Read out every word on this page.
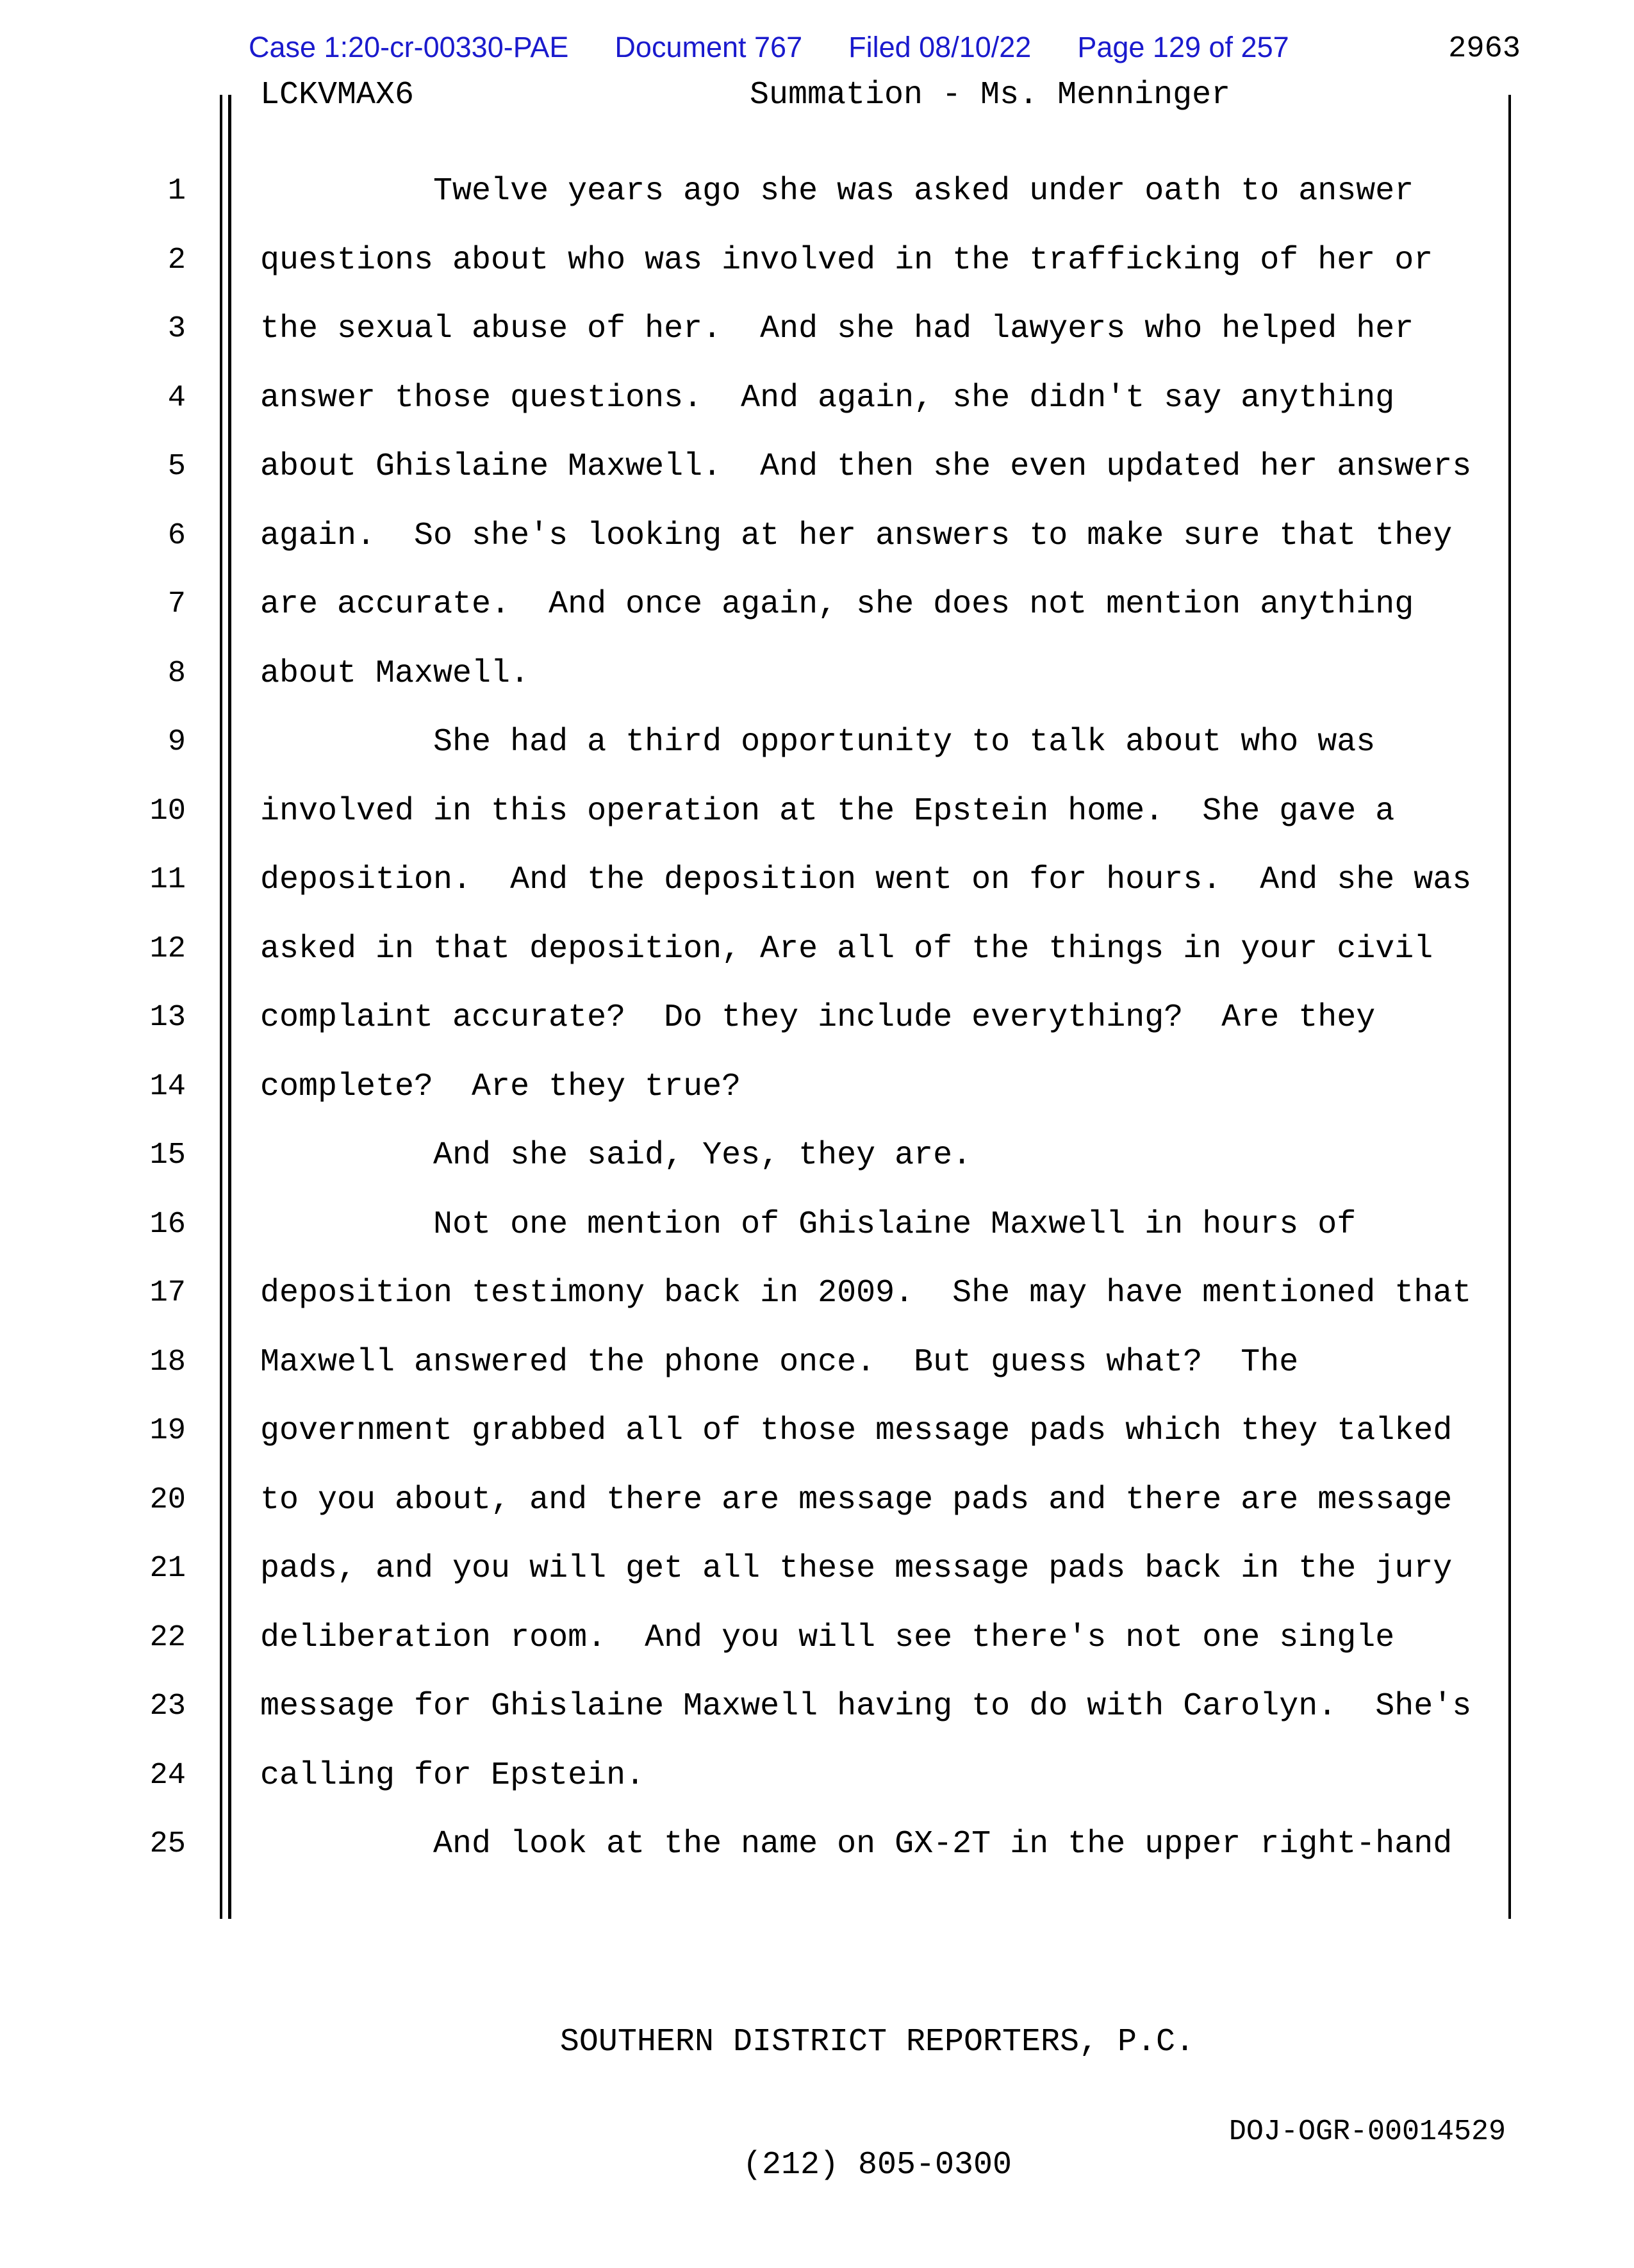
Case 1:20-cr-00330-PAE Document 767 Filed 08/10/22 Page 129 of 257	2963
LCKVMAX6	Summation - Ms. Menninger
1 Twelve years ago she was asked under oath to answer
2 questions about who was involved in the trafficking of her or
3 the sexual abuse of her.  And she had lawyers who helped her
4 answer those questions.  And again, she didn't say anything
5 about Ghislaine Maxwell.  And then she even updated her answers
6 again.  So she's looking at her answers to make sure that they
7 are accurate.  And once again, she does not mention anything
8 about Maxwell.
9 She had a third opportunity to talk about who was
10 involved in this operation at the Epstein home.  She gave a
11 deposition.  And the deposition went on for hours.  And she was
12 asked in that deposition, Are all of the things in your civil
13 complaint accurate?  Do they include everything?  Are they
14 complete?  Are they true?
15 And she said, Yes, they are.
16 Not one mention of Ghislaine Maxwell in hours of
17 deposition testimony back in 2009.  She may have mentioned that
18 Maxwell answered the phone once.  But guess what?  The
19 government grabbed all of those message pads which they talked
20 to you about, and there are message pads and there are message
21 pads, and you will get all these message pads back in the jury
22 deliberation room.  And you will see there's not one single
23 message for Ghislaine Maxwell having to do with Carolyn.  She's
24 calling for Epstein.
25 And look at the name on GX-2T in the upper right-hand

SOUTHERN DISTRICT REPORTERS, P.C.

(212) 805-0300

DOJ-OGR-00014529
